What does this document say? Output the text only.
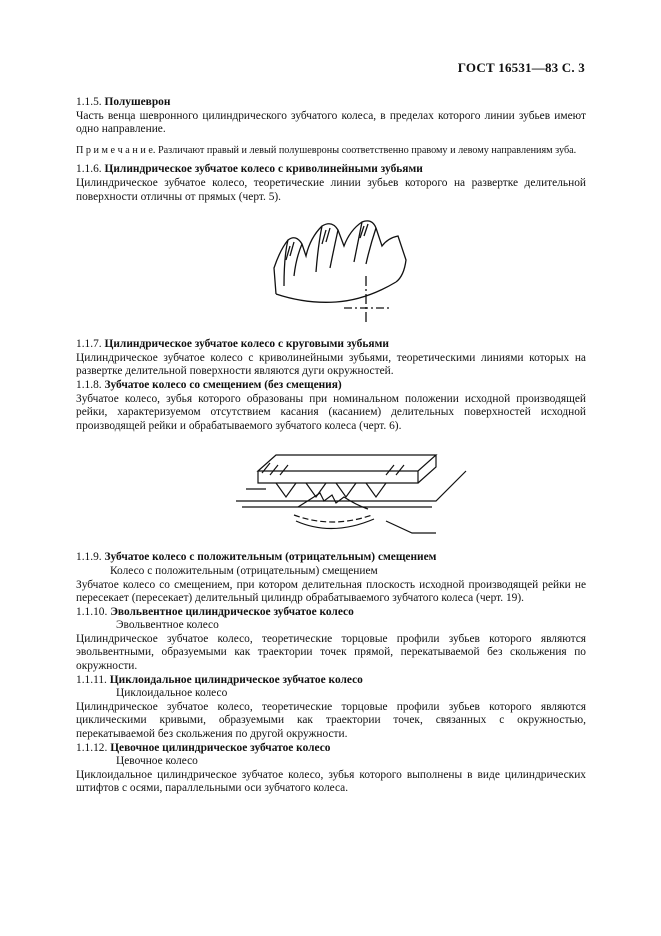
ГОСТ 16531—83 С. 3

1.1.5. Полушеврон

Часть венца шевронного цилиндрического зубчатого колеса, в пределах которого линии зубьев имеют одно направление.

П р и м е ч а н и е. Различают правый и левый полушевроны соответственно правому и левому направлениям зуба.

1.1.6. Цилиндрическое зубчатое колесо с криволинейными зубьями

Цилиндрическое зубчатое колесо, теоретические линии зубьев которого на развертке делительной поверхности отличны от прямых (черт. 5).

1.1.7. Цилиндрическое зубчатое колесо с круговыми зубьями

Цилиндрическое зубчатое колесо с криволинейными зубьями, теоретическими линиями которых на развертке делительной поверхности являются дуги окружностей.

1.1.8. Зубчатое колесо со смещением (без смещения)

Зубчатое колесо, зубья которого образованы при номинальном положении исходной производящей рейки, характеризуемом отсутствием касания (касанием) делительных поверхностей исходной производящей рейки и обрабатываемого зубчатого колеса (черт. 6).

1.1.9. Зубчатое колесо с положительным (отрицательным) смещением

Колесо с положительным (отрицательным) смещением

Зубчатое колесо со смещением, при котором делительная плоскость исходной производящей рейки не пересекает (пересекает) делительный цилиндр обрабатываемого зубчатого колеса (черт. 19).

1.1.10. Эвольвентное цилиндрическое зубчатое колесо

Эвольвентное колесо

Цилиндрическое зубчатое колесо, теоретические торцовые профили зубьев которого являются эвольвентными, образуемыми как траектории точек прямой, перекатываемой без скольжения по окружности.

1.1.11. Циклоидальное цилиндрическое зубчатое колесо

Циклоидальное колесо

Цилиндрическое зубчатое колесо, теоретические торцовые профили зубьев которого являются циклическими кривыми, образуемыми как траектории точек, связанных с окружностью, перекатываемой без скольжения по другой окружности.

1.1.12. Цевочное цилиндрическое зубчатое колесо

Цевочное колесо

Циклоидальное цилиндрическое зубчатое колесо, зубья которого выполнены в виде цилиндрических штифтов с осями, параллельными оси зубчатого колеса.
